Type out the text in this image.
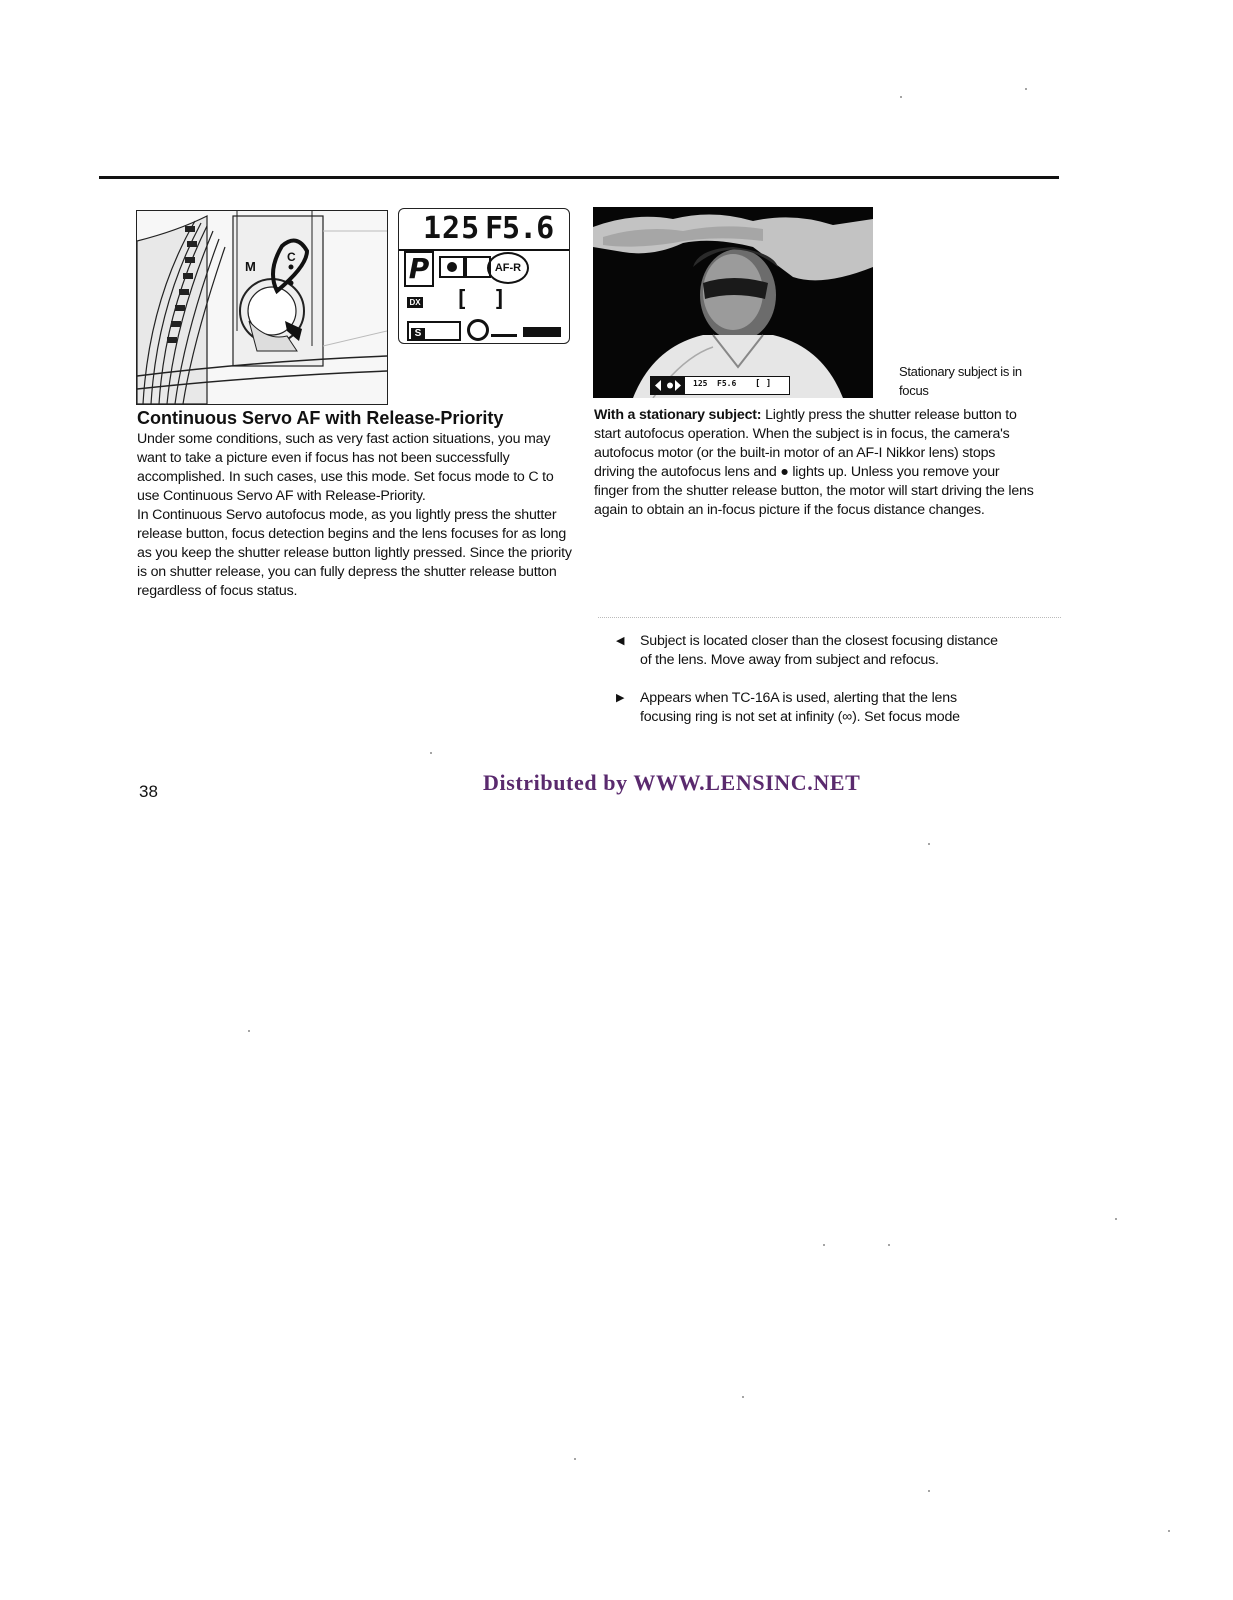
M
C
125 F5.6
P	AF-R
DX [ ]
S
125 F5.6 [ ]
Stationary subject is in focus
Continuous Servo AF with Release-Priority

Under some conditions, such as very fast action situations, you may want to take a picture even if focus has not been successfully accomplished. In such cases, use this mode. Set focus mode to C to use Continuous Servo AF with Release-Priority.

In Continuous Servo autofocus mode, as you lightly press the shutter release button, focus detection begins and the lens focuses for as long as you keep the shutter release button lightly pressed. Since the priority is on shutter release, you can fully depress the shutter release button regardless of focus status.

With a stationary subject: Lightly press the shutter release button to start autofocus operation. When the subject is in focus, the camera's autofocus motor (or the built-in motor of an AF-I Nikkor lens) stops driving the autofocus lens and ● lights up. Unless you remove your finger from the shutter release button, the motor will start driving the lens again to obtain an in-focus picture if the focus distance changes.

◀	Subject is located closer than the closest focusing distance of the lens. Move away from subject and refocus.
▶	Appears when TC-16A is used, alerting that the lens focusing ring is not set at infinity (∞). Set focus mode
38	Distributed by WWW.LENSINC.NET
